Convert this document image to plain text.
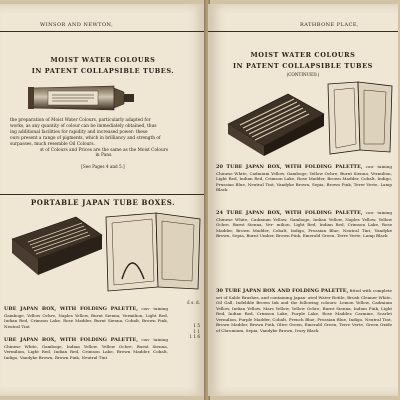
WINSOR AND NEWTON,
MOIST WATER COLOURS
IN PATENT COLLAPSIBLE TUBES.
the preparation of Moist Water Colours, particularly adapted for
works, as any quantity of colour can be immediately obtained, thus
ing additional facilities for rapidity and increased power: these
ours present a range of pigments, which in brilliancy and strength of
surpasses, much resemble Oil Colours.
st of Colours and Prices are the same as the Moist Colours
in Pans.
[See Pages 4 and 5.]
PORTABLE JAPAN TUBE BOXES.
£ s. d.
UBE JAPAN BOX, WITH FOLDING PALETTE, con- taining Gamboge, Yellow Ochre, Naples Yellow, Burnt Sienna, Vermilion, Light Red, Indian Red, Crimson Lake, Rose Madder, Burnt Sienna, Cobalt, Brown Pink, Neutral Tint	1 5
1 1
1 1 6
UBE JAPAN BOX, WITH FOLDING PALETTE, con- taining Chinese White, Gamboge, Indian Yellow, Yellow Ochre, Burnt Sienna, Vermilion, Light Red, Indian Red, Crimson Lake, Brown Madder, Cobalt, Indigo, Vandyke Brown, Brown Pink, Neutral Tint
RATHBONE PLACE,
MOIST WATER COLOURS
IN PATENT COLLAPSIBLE TUBES
(CONTINUED.)
20 TUBE JAPAN BOX, WITH FOLDING PALETTE, con- taining Chinese White, Cadmium Yellow, Gamboge, Yellow Ochre, Burnt Sienna, Vermilion, Light Red, Indian Red, Crimson Lake, Rose Madder, Brown Madder, Cobalt, Indigo, Prussian Blue, Neutral Tint, Vandyke Brown, Sepia, Brown Pink, Terre Verte, Lamp Black
24 TUBE JAPAN BOX, WITH FOLDING PALETTE, con- taining Chinese White, Cadmium Yellow, Gamboge, Indian Yellow, Naples Yellow, Yellow Ochre, Burnt Sienna, Ver- milion, Light Red, Indian Red, Crimson Lake, Rose Madder, Brown Madder, Cobalt, Indigo, Prussian Blue, Neutral Tint, Vandyke Brown, Sepia, Burnt Umber, Brown Pink, Emerald Green, Terre Verte, Lamp Black
30 TUBE JAPAN BOX AND FOLDING PALETTE, fitted with complete set of Sable Brushes, and containing Japan- ated Water Bottle, Brush Cleaner White, Oil Gall, Indelible Brown Ink and the following colours: Lemon Yellow, Cadmium Yellow, Indian Yellow, Mars Yellow, Yellow Ochre, Burnt Sienna, Indian Pink, Light Red, Indian Red, Crimson Lake, Purple Lake, Rose Madder, Carmine, Scarlet Vermilion, Purple Madder, Cobalt, French Blue, Prussian Blue, Indigo, Neutral Tint, Brown Madder, Brown Pink, Olive Green, Emerald Green, Terre Verte, Green Oxide of Chromium, Sepia, Vandyke Brown, Ivory Black
